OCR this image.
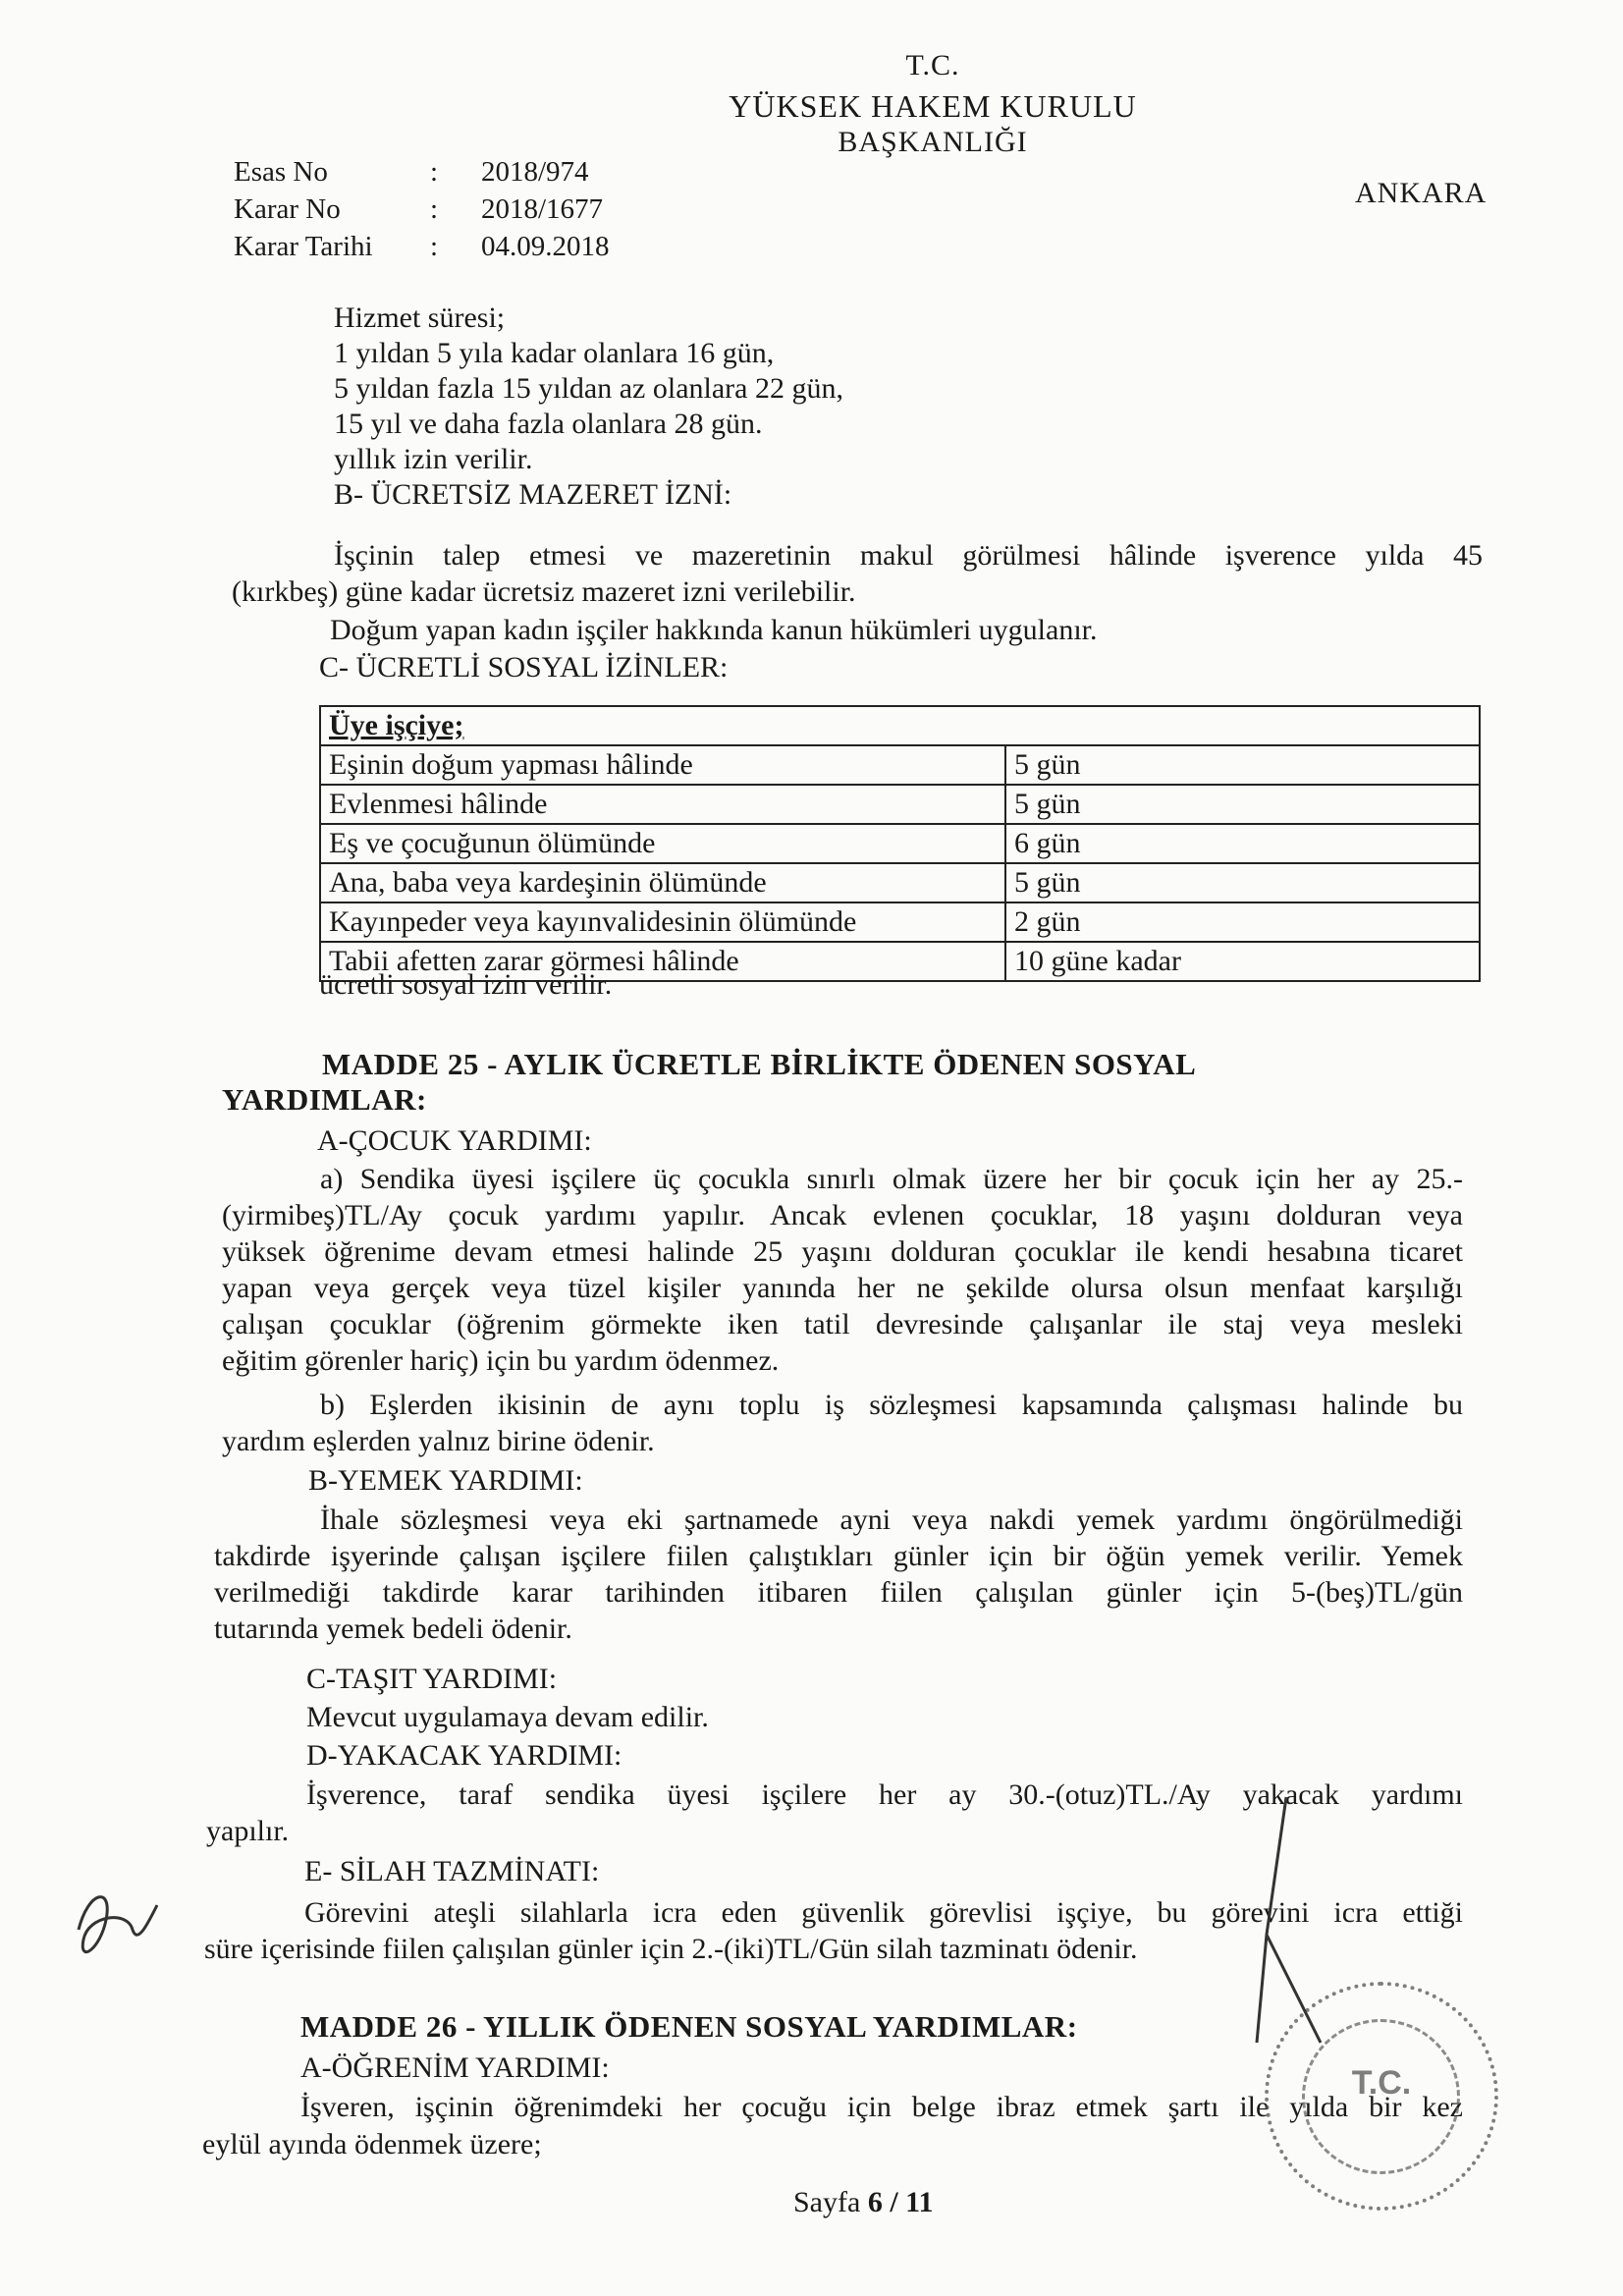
T.C.
YÜKSEK HAKEM KURULU
BAŞKANLIĞI
ANKARA
Esas No	: 2018/974
Karar No	: 2018/1677
Karar Tarihi : 04.09.2018
Hizmet süresi;
1 yıldan 5 yıla kadar olanlara 16 gün,
5 yıldan fazla 15 yıldan az olanlara 22 gün,
15 yıl ve daha fazla olanlara 28 gün.
yıllık izin verilir.
B- ÜCRETSİZ MAZERET İZNİ:
İşçinin talep etmesi ve mazeretinin makul görülmesi hâlinde işverence yılda 45
(kırkbeş) güne kadar ücretsiz mazeret izni verilebilir.
Doğum yapan kadın işçiler hakkında kanun hükümleri uygulanır.
C- ÜCRETLİ SOSYAL İZİNLER:
Üye işçiye;	
Eşinin doğum yapması hâlinde	5 gün
Evlenmesi hâlinde	5 gün
Eş ve çocuğunun ölümünde	6 gün
Ana, baba veya kardeşinin ölümünde	5 gün
Kayınpeder veya kayınvalidesinin ölümünde	2 gün
Tabii afetten zarar görmesi hâlinde	10 güne kadar
ücretli sosyal izin verilir.
MADDE 25 - AYLIK ÜCRETLE BİRLİKTE ÖDENEN SOSYAL
YARDIMLAR:
A-ÇOCUK YARDIMI:
a) Sendika üyesi işçilere üç çocukla sınırlı olmak üzere her bir çocuk için her ay 25.-
(yirmibeş)TL/Ay çocuk yardımı yapılır. Ancak evlenen çocuklar, 18 yaşını dolduran veya
yüksek öğrenime devam etmesi halinde 25 yaşını dolduran çocuklar ile kendi hesabına ticaret
yapan veya gerçek veya tüzel kişiler yanında her ne şekilde olursa olsun menfaat karşılığı
çalışan çocuklar (öğrenim görmekte iken tatil devresinde çalışanlar ile staj veya mesleki
eğitim görenler hariç) için bu yardım ödenmez.
b) Eşlerden ikisinin de aynı toplu iş sözleşmesi kapsamında çalışması halinde bu
yardım eşlerden yalnız birine ödenir.
B-YEMEK YARDIMI:
İhale sözleşmesi veya eki şartnamede ayni veya nakdi yemek yardımı öngörülmediği
takdirde işyerinde çalışan işçilere fiilen çalıştıkları günler için bir öğün yemek verilir. Yemek
verilmediği takdirde karar tarihinden itibaren fiilen çalışılan günler için 5-(beş)TL/gün
tutarında yemek bedeli ödenir.
C-TAŞIT YARDIMI:
Mevcut uygulamaya devam edilir.
D-YAKACAK YARDIMI:
İşverence, taraf sendika üyesi işçilere her ay 30.-(otuz)TL./Ay yakacak yardımı
yapılır.
E- SİLAH TAZMİNATI:
Görevini ateşli silahlarla icra eden güvenlik görevlisi işçiye, bu görevini icra ettiği
süre içerisinde fiilen çalışılan günler için 2.-(iki)TL/Gün silah tazminatı ödenir.
MADDE 26 - YILLIK ÖDENEN SOSYAL YARDIMLAR:
A-ÖĞRENİM YARDIMI:
İşveren, işçinin öğrenimdeki her çocuğu için belge ibraz etmek şartı ile yılda bir kez
eylül ayında ödenmek üzere;
Sayfa 6 / 11
T.C.
